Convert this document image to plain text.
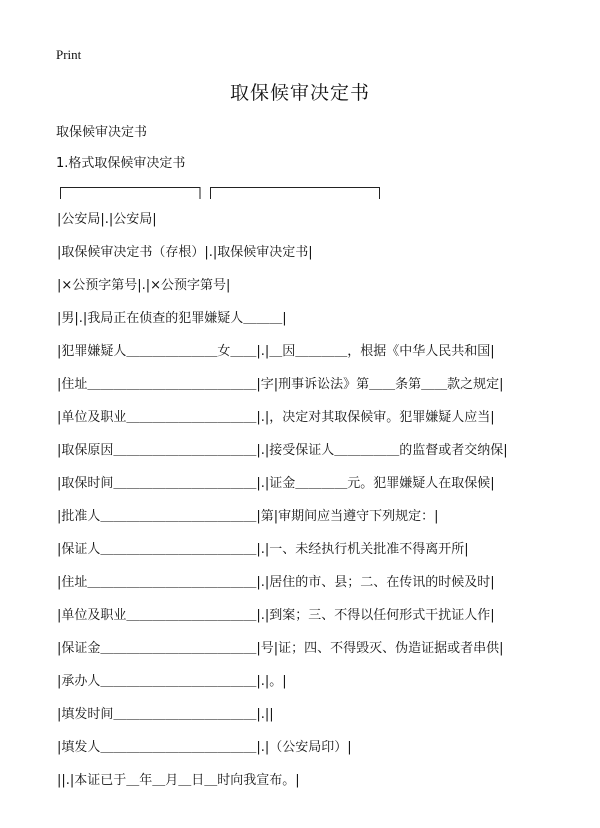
Print
取保候审决定书
取保候审决定书
1.格式取保候审决定书
|公安局|.|公安局|
|取保候审决定书（存根）|.|取保候审决定书|
|×公预字第号|.|×公预字第号|
|男|.|我局正在侦查的犯罪嫌疑人＿＿＿|
|犯罪嫌疑人＿＿＿＿＿＿＿女＿＿|.|＿因＿＿＿＿，根据《中华人民共和国|
|住址＿＿＿＿＿＿＿＿＿＿＿＿＿|字|刑事诉讼法》第＿＿条第＿＿款之规定|
|单位及职业＿＿＿＿＿＿＿＿＿＿|.|，决定对其取保候审。犯罪嫌疑人应当|
|取保原因＿＿＿＿＿＿＿＿＿＿＿|.|接受保证人＿＿＿＿＿的监督或者交纳保|
|取保时间＿＿＿＿＿＿＿＿＿＿＿|.|证金＿＿＿＿元。犯罪嫌疑人在取保候|
|批准人＿＿＿＿＿＿＿＿＿＿＿＿|第|审期间应当遵守下列规定：|
|保证人＿＿＿＿＿＿＿＿＿＿＿＿|.|一、未经执行机关批准不得离开所|
|住址＿＿＿＿＿＿＿＿＿＿＿＿＿|.|居住的市、县；二、在传讯的时候及时|
|单位及职业＿＿＿＿＿＿＿＿＿＿|.|到案；三、不得以任何形式干扰证人作|
|保证金＿＿＿＿＿＿＿＿＿＿＿＿|号|证；四、不得毁灭、伪造证据或者串供|
|承办人＿＿＿＿＿＿＿＿＿＿＿＿|.|。|
|填发时间＿＿＿＿＿＿＿＿＿＿＿|.||
|填发人＿＿＿＿＿＿＿＿＿＿＿＿|.|（公安局印）|
||.|本证已于＿年＿月＿日＿时向我宣布。|
